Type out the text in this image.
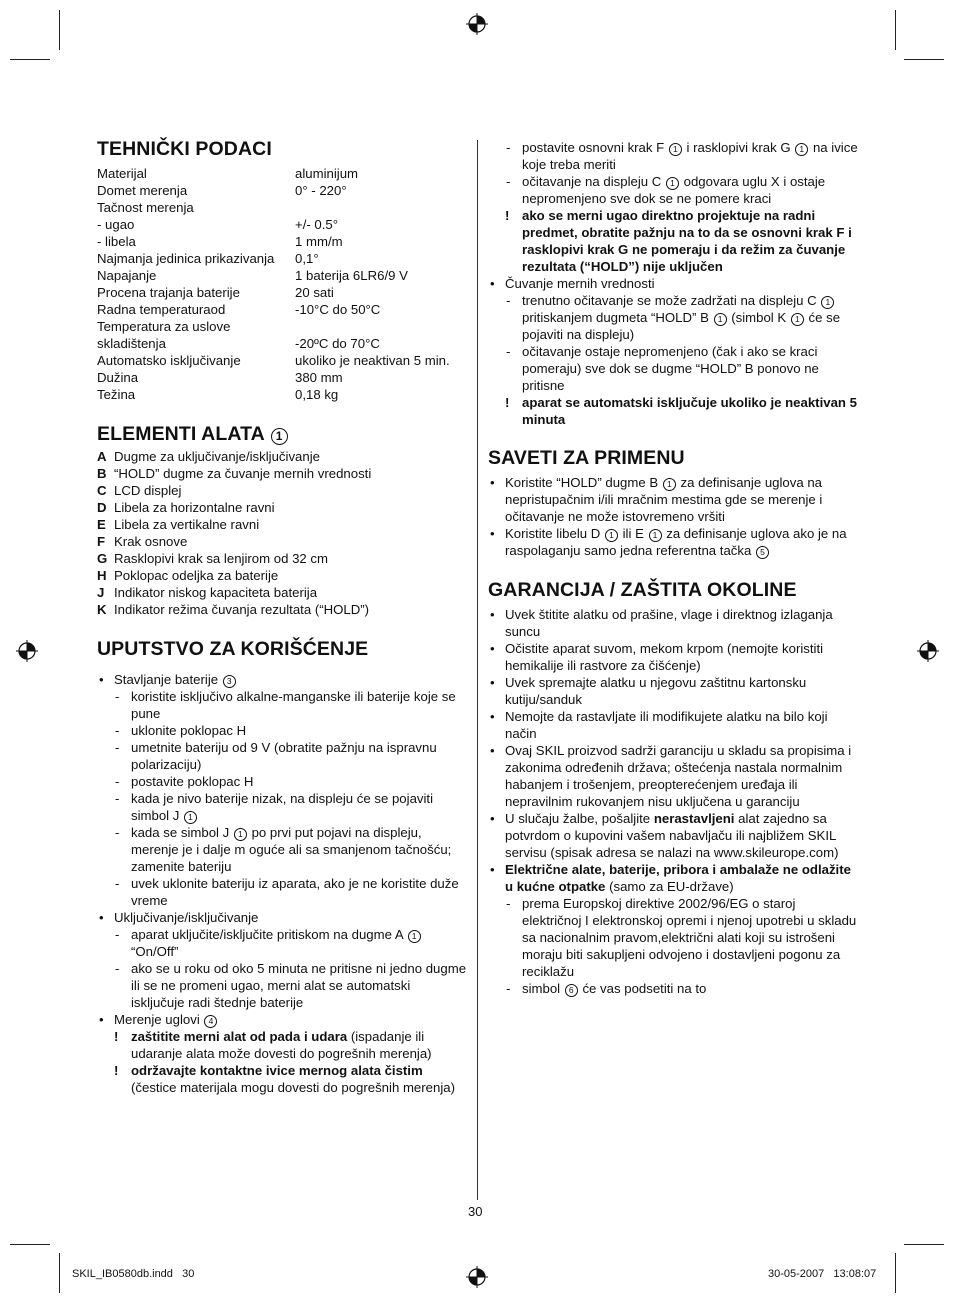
TEHNIČKI PODACI
Materijal	aluminijum
Domet merenja	0° - 220°
Tačnost merenja
- ugao	+/- 0.5°
- libela	1 mm/m
Najmanja jedinica prikazivanja	0,1°
Napajanje	1 baterija 6LR6/9 V
Procena trajanja baterije	20 sati
Radna temperaturaod	-10°C do 50°C
Temperatura za uslove
skladištenja	-20ºC do 70°C
Automatsko isključivanje	ukoliko je neaktivan 5 min.
Dužina	380 mm
Težina	0,18 kg
ELEMENTI ALATA 1
A Dugme za uključivanje/isključivanje
B “HOLD” dugme za čuvanje mernih vrednosti
C LCD displej
D Libela za horizontalne ravni
E Libela za vertikalne ravni
F Krak osnove
G Rasklopivi krak sa lenjirom od 32 cm
H Poklopac odeljka za baterije
J Indikator niskog kapaciteta baterija
K Indikator režima čuvanja rezultata (“HOLD”)
UPUTSTVO ZA KORIŠĆENJE
• Stavljanje baterije 3
- koristite isključivo alkalne-manganske ili baterije koje se pune
- uklonite poklopac H
- umetnite bateriju od 9 V (obratite pažnju na ispravnu polarizaciju)
- postavite poklopac H
- kada je nivo baterije nizak, na displeju će se pojaviti simbol J 1
- kada se simbol J 1 po prvi put pojavi na displeju, merenje je i dalje m oguće ali sa smanjenom tačnošću; zamenite bateriju
- uvek uklonite bateriju iz aparata, ako je ne koristite duže vreme
• Uključivanje/isključivanje
- aparat uključite/isključite pritiskom na dugme A 1 “On/Off”
- ako se u roku od oko 5 minuta ne pritisne ni jedno dugme ili se ne promeni ugao, merni alat se automatski isključuje radi štednje baterije
• Merenje uglovi 4
! zaštitite merni alat od pada i udara (ispadanje ili udaranje alata može dovesti do pogrešnih merenja)
! održavajte kontaktne ivice mernog alata čistim (čestice materijala mogu dovesti do pogrešnih merenja)
- postavite osnovni krak F 1 i rasklopivi krak G 1 na ivice koje treba meriti
- očitavanje na displeju C 1 odgovara uglu X i ostaje nepromenjeno sve dok se ne pomere kraci
! ako se merni ugao direktno projektuje na radni predmet, obratite pažnju na to da se osnovni krak F i rasklopivi krak G ne pomeraju i da režim za čuvanje rezultata (“HOLD”) nije uključen
• Čuvanje mernih vrednosti
- trenutno očitavanje se može zadržati na displeju C 1 pritiskanjem dugmeta “HOLD” B 1 (simbol K 1 će se pojaviti na displeju)
- očitavanje ostaje nepromenjeno (čak i ako se kraci pomeraju) sve dok se dugme “HOLD” B ponovo ne pritisne
! aparat se automatski isključuje ukoliko je neaktivan 5 minuta
SAVETI ZA PRIMENU
• Koristite “HOLD” dugme B 1 za definisanje uglova na nepristupačnim i/ili mračnim mestima gde se merenje i očitavanje ne može istovremeno vršiti
• Koristite libelu D 1 ili E 1 za definisanje uglova ako je na raspolaganju samo jedna referentna tačka 5
GARANCIJA / ZAŠTITA OKOLINE
• Uvek štitite alatku od prašine, vlage i direktnog izlaganja suncu
• Očistite aparat suvom, mekom krpom (nemojte koristiti hemikalije ili rastvore za čišćenje)
• Uvek spremajte alatku u njegovu zaštitnu kartonsku kutiju/sanduk
• Nemojte da rastavljate ili modifikujete alatku na bilo koji način
• Ovaj SKIL proizvod sadrži garanciju u skladu sa propisima i zakonima određenih država; oštećenja nastala normalnim habanjem i trošenjem, preopterećenjem uređaja ili nepravilnim rukovanjem nisu uključena u garanciju
• U slučaju žalbe, pošaljite nerastavljeni alat zajedno sa potvrdom o kupovini vašem nabavljaču ili najbližem SKIL servisu (spisak adresa se nalazi na www.skileurope.com)
• Električne alate, baterije, pribora i ambalaže ne odlažite u kućne otpatke (samo za EU-države)
- prema Europskoj direktive 2002/96/EG o staroj električnoj I elektronskoj opremi i njenoj upotrebi u skladu sa nacionalnim pravom,električni alati koji su istrošeni moraju biti sakupljeni odvojeno i dostavljeni pogonu za reciklažu
- simbol 6 će vas podsetiti na to
30
SKIL_IB0580db.indd   30	30-05-2007   13:08:07
